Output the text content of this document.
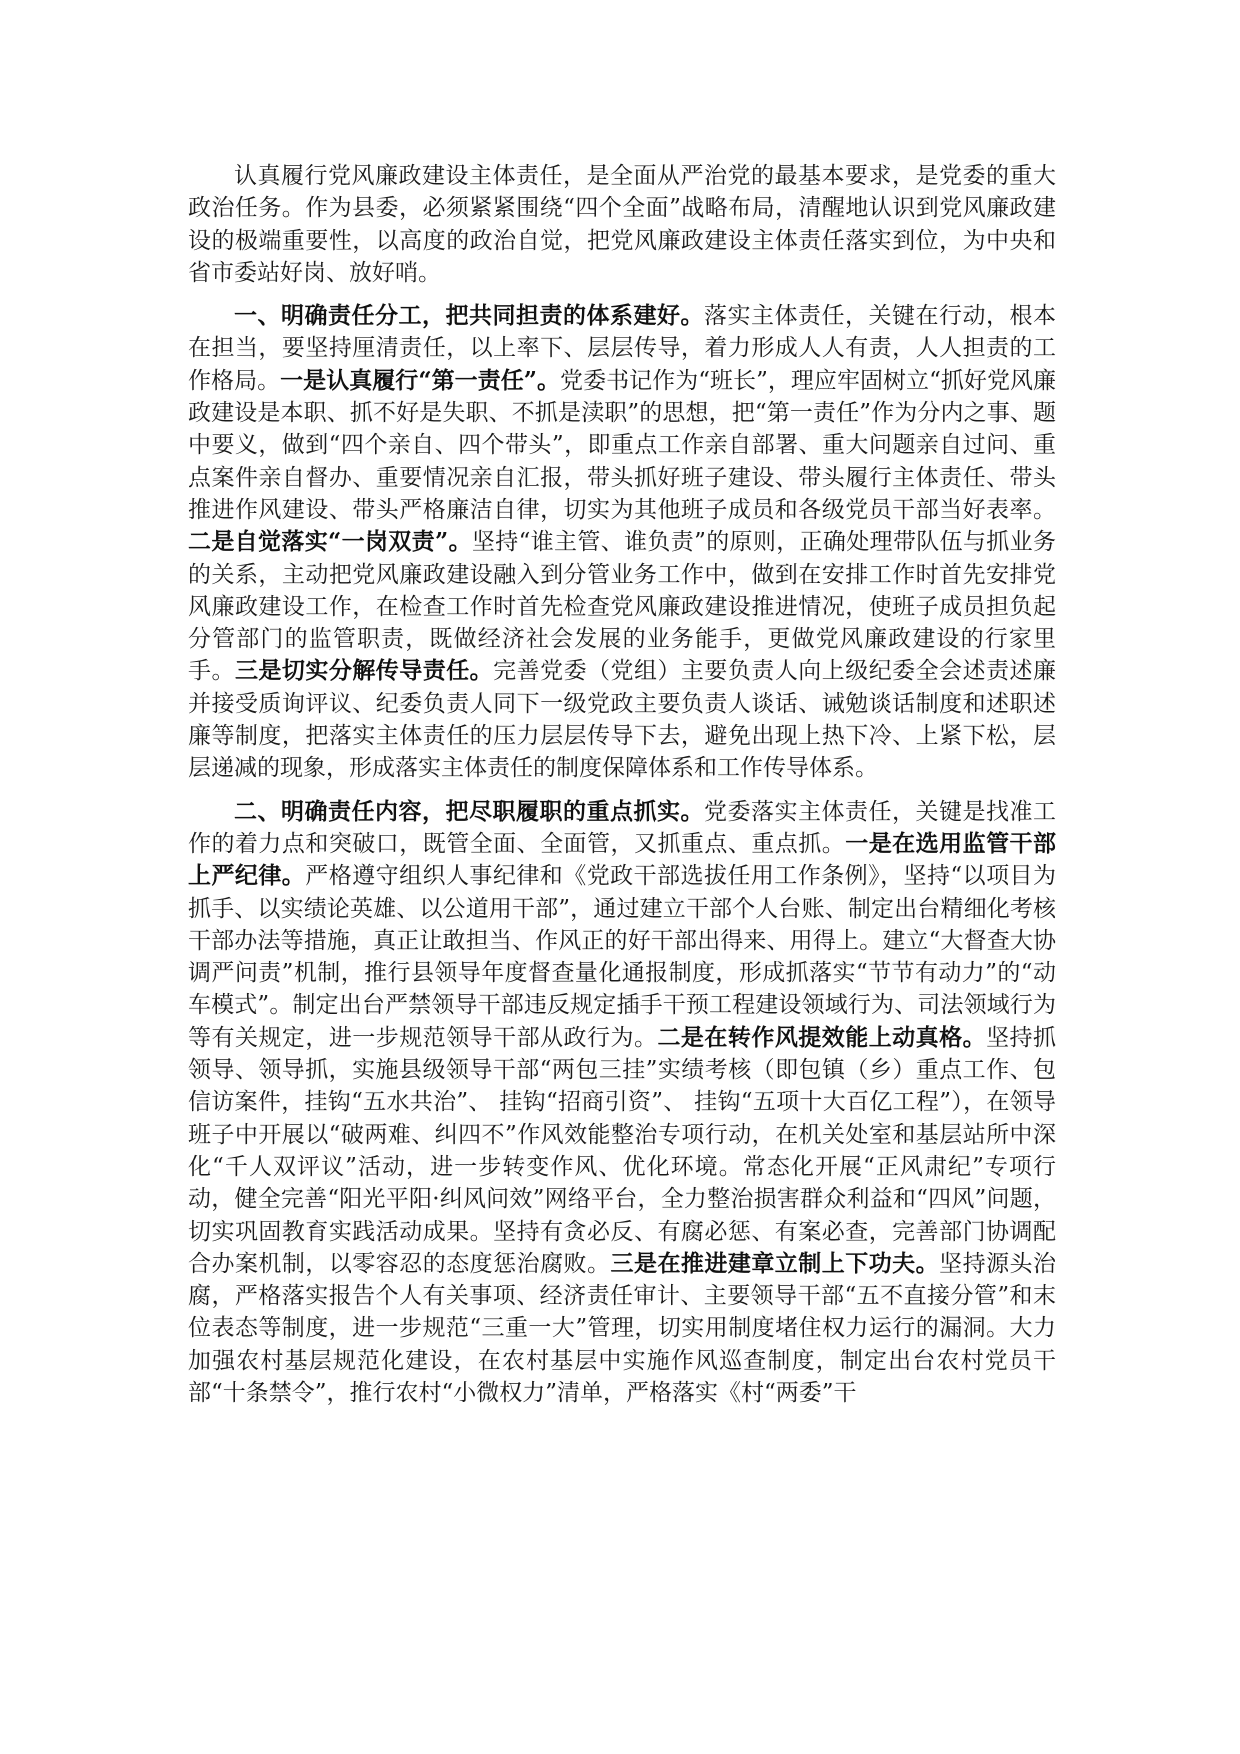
认真履行党风廉政建设主体责任，是全面从严治党的最基本要求，是党委的重大政治任务。作为县委，必须紧紧围绕“四个全面”战略布局，清醒地认识到党风廉政建设的极端重要性，以高度的政治自觉，把党风廉政建设主体责任落实到位，为中央和省市委站好岗、放好哨。

一、明确责任分工，把共同担责的体系建好。落实主体责任，关键在行动，根本在担当，要坚持厘清责任，以上率下、层层传导，着力形成人人有责，人人担责的工作格局。一是认真履行“第一责任”。党委书记作为“班长”，理应牢固树立“抓好党风廉政建设是本职、抓不好是失职、不抓是渎职”的思想，把“第一责任”作为分内之事、题中要义，做到“四个亲自、四个带头”，即重点工作亲自部署、重大问题亲自过问、重点案件亲自督办、重要情况亲自汇报，带头抓好班子建设、带头履行主体责任、带头推进作风建设、带头严格廉洁自律，切实为其他班子成员和各级党员干部当好表率。二是自觉落实“一岗双责”。坚持“谁主管、谁负责”的原则，正确处理带队伍与抓业务的关系，主动把党风廉政建设融入到分管业务工作中，做到在安排工作时首先安排党风廉政建设工作，在检查工作时首先检查党风廉政建设推进情况，使班子成员担负起分管部门的监管职责，既做经济社会发展的业务能手，更做党风廉政建设的行家里手。三是切实分解传导责任。完善党委（党组）主要负责人向上级纪委全会述责述廉并接受质询评议、纪委负责人同下一级党政主要负责人谈话、诫勉谈话制度和述职述廉等制度，把落实主体责任的压力层层传导下去，避免出现上热下冷、上紧下松，层层递减的现象，形成落实主体责任的制度保障体系和工作传导体系。

二、明确责任内容，把尽职履职的重点抓实。党委落实主体责任，关键是找准工作的着力点和突破口，既管全面、全面管，又抓重点、重点抓。一是在选用监管干部上严纪律。严格遵守组织人事纪律和《党政干部选拔任用工作条例》，坚持“以项目为抓手、以实绩论英雄、以公道用干部”，通过建立干部个人台账、制定出台精细化考核干部办法等措施，真正让敢担当、作风正的好干部出得来、用得上。建立“大督查大协调严问责”机制，推行县领导年度督查量化通报制度，形成抓落实“节节有动力”的“动车模式”。制定出台严禁领导干部违反规定插手干预工程建设领域行为、司法领域行为等有关规定，进一步规范领导干部从政行为。二是在转作风提效能上动真格。坚持抓领导、领导抓，实施县级领导干部“两包三挂”实绩考核（即包镇（乡）重点工作、包信访案件，挂钩“五水共治”、 挂钩“招商引资”、 挂钩“五项十大百亿工程”），在领导班子中开展以“破两难、纠四不”作风效能整治专项行动，在机关处室和基层站所中深化“千人双评议”活动，进一步转变作风、优化环境。常态化开展“正风肃纪”专项行动，健全完善“阳光平阳·纠风问效”网络平台，全力整治损害群众利益和“四风”问题，切实巩固教育实践活动成果。坚持有贪必反、有腐必惩、有案必查，完善部门协调配合办案机制，以零容忍的态度惩治腐败。三是在推进建章立制上下功夫。坚持源头治腐，严格落实报告个人有关事项、经济责任审计、主要领导干部“五不直接分管”和末位表态等制度，进一步规范“三重一大”管理，切实用制度堵住权力运行的漏洞。大力加强农村基层规范化建设，在农村基层中实施作风巡查制度，制定出台农村党员干部“十条禁令”，推行农村“小微权力”清单，严格落实《村“两委”干
